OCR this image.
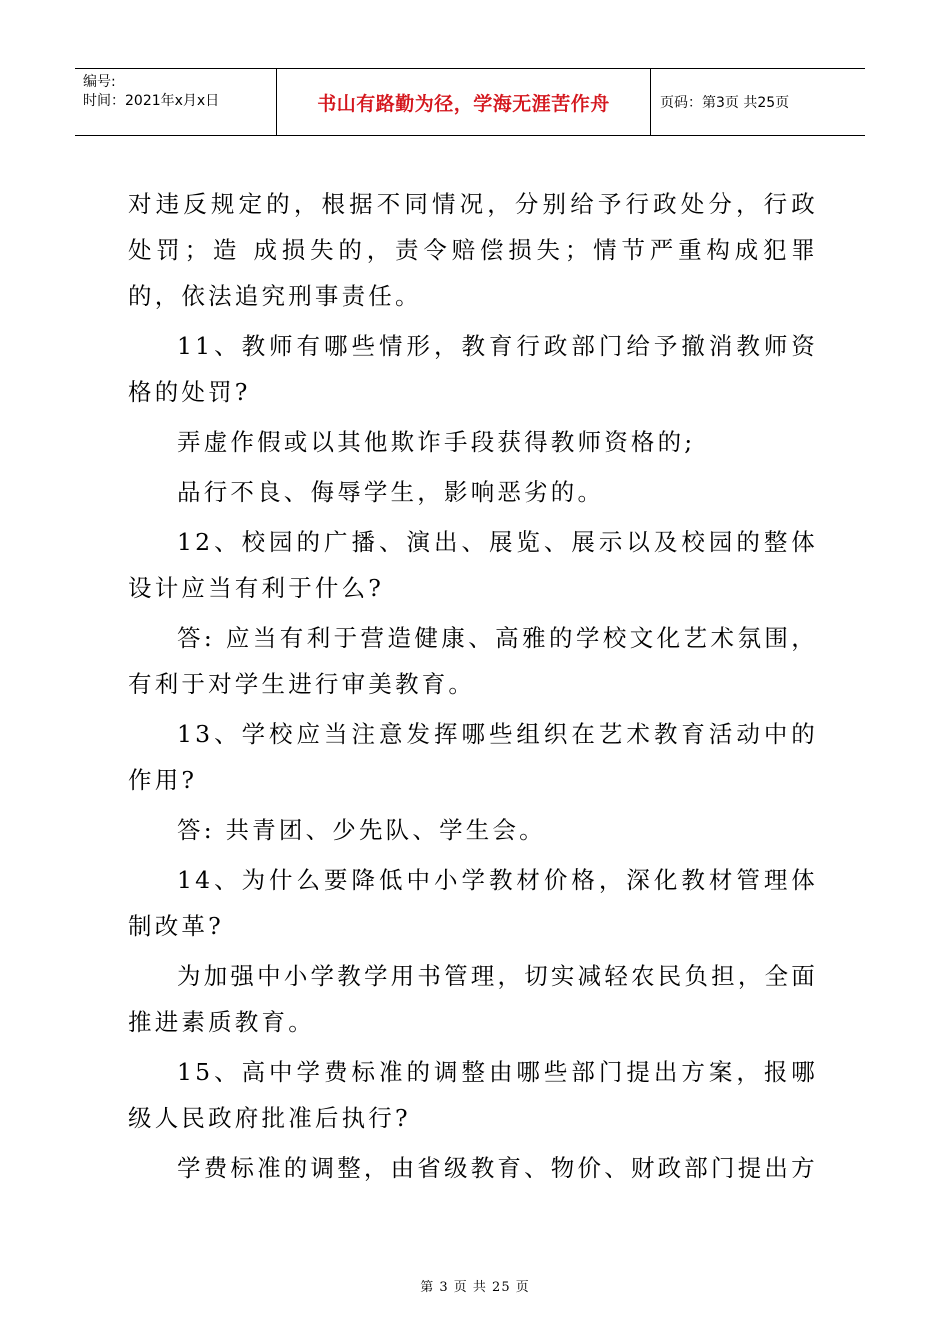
编号:
时间：2021年x月x日	书山有路勤为径，学海无涯苦作舟	页码：第3页 共25页

对违反规定的，根据不同情况，分别给予行政处分，行政处罚；造 成损失的，责令赔偿损失；情节严重构成犯罪的，依法追究刑事责任。

11、教师有哪些情形，教育行政部门给予撤消教师资格的处罚?

弄虚作假或以其他欺诈手段获得教师资格的;

品行不良、侮辱学生，影响恶劣的。

12、校园的广播、演出、展览、展示以及校园的整体设计应当有利于什么?

答: 应当有利于营造健康、高雅的学校文化艺术氛围，有利于对学生进行审美教育。

13、学校应当注意发挥哪些组织在艺术教育活动中的作用?

答: 共青团、少先队、学生会。

14、为什么要降低中小学教材价格，深化教材管理体制改革?

为加强中小学教学用书管理，切实减轻农民负担，全面推进素质教育。

15、高中学费标准的调整由哪些部门提出方案，报哪级人民政府批准后执行?

学费标准的调整，由省级教育、物价、财政部门提出方

第 3 页 共 25 页
